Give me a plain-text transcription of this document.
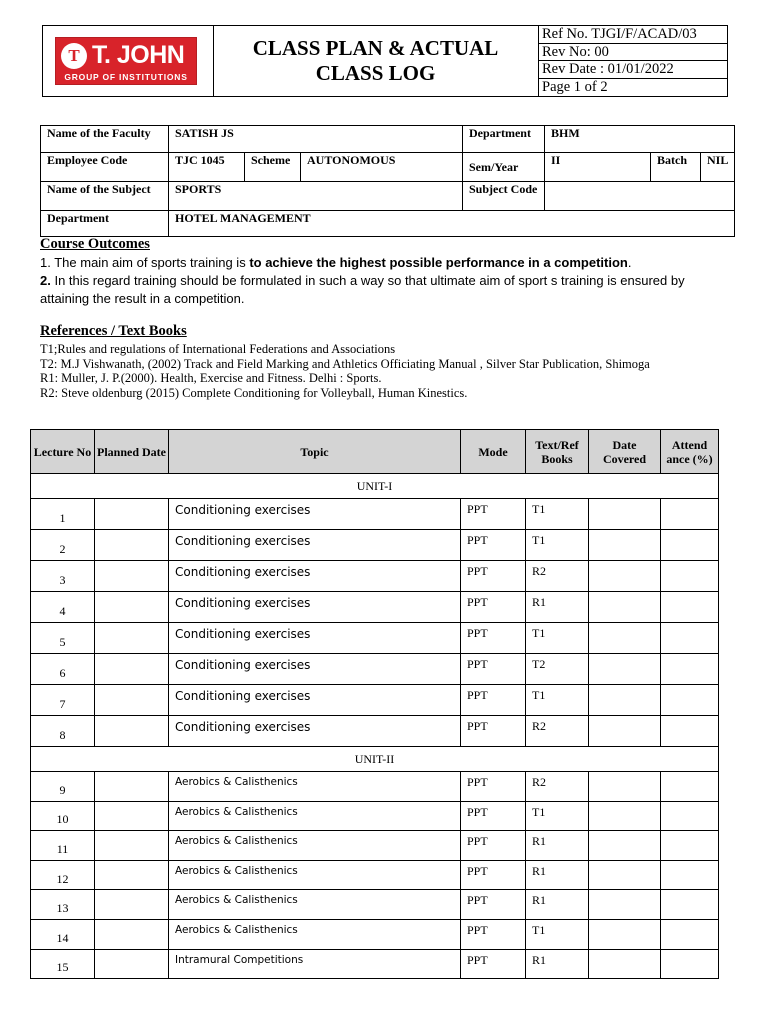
T T. JOHN
GROUP OF INSTITUTIONS
CLASS PLAN & ACTUAL
CLASS LOG
Ref No. TJGI/F/ACAD/03
Rev No: 00
Rev Date : 01/01/2022
Page 1 of 2
Name of the Faculty	SATISH JS			Department	BHM		
Employee Code	TJC 1045	Scheme	AUTONOMOUS	Sem/Year	II	Batch	NIL
Name of the Subject	SPORTS			Subject Code			
Department	HOTEL MANAGEMENT						
Course Outcomes
1. The main aim of sports training is to achieve the highest possible performance in a competition.
2. In this regard training should be formulated in such a way so that ultimate aim of sport s training is ensured by attaining the result in a competition.
References / Text Books
T1;Rules and regulations of International Federations and Associations
T2: M.J Vishwanath, (2002) Track and Field Marking and Athletics Officiating Manual , Silver Star Publication, Shimoga
R1: Muller, J. P.(2000). Health, Exercise and Fitness. Delhi : Sports.
R2: Steve oldenburg (2015) Complete Conditioning for Volleyball, Human Kinestics.
Lecture No	Planned Date	Topic	Mode	Text/Ref Books	Date Covered	Attend ance (%)
UNIT-I						
1		Conditioning exercises	PPT	T1		
2		Conditioning exercises	PPT	T1		
3		Conditioning exercises	PPT	R2		
4		Conditioning exercises	PPT	R1		
5		Conditioning exercises	PPT	T1		
6		Conditioning exercises	PPT	T2		
7		Conditioning exercises	PPT	T1		
8		Conditioning exercises	PPT	R2		
UNIT-II						
9		Aerobics & Calisthenics	PPT	R2		
10		Aerobics & Calisthenics	PPT	T1		
11		Aerobics & Calisthenics	PPT	R1		
12		Aerobics & Calisthenics	PPT	R1		
13		Aerobics & Calisthenics	PPT	R1		
14		Aerobics & Calisthenics	PPT	T1		
15		Intramural Competitions	PPT	R1		
